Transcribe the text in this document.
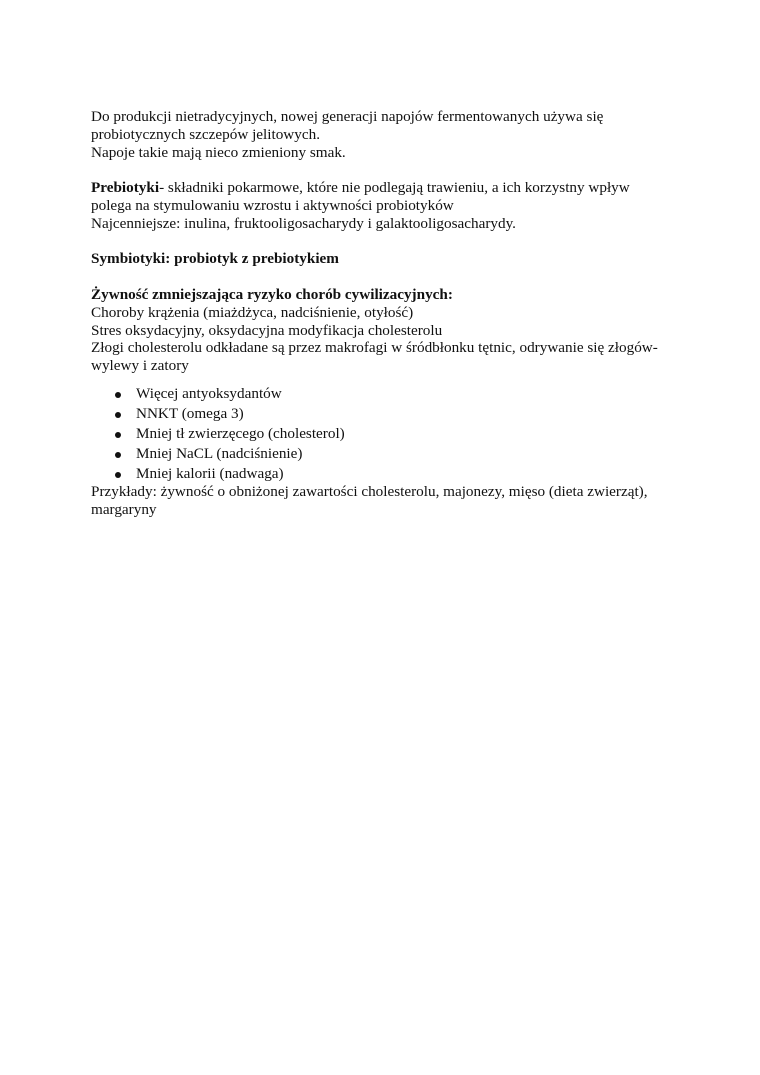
Do produkcji nietradycyjnych, nowej generacji napojów fermentowanych używa się
probiotycznych szczepów jelitowych.
Napoje takie mają nieco zmieniony smak.
Prebiotyki- składniki pokarmowe, które nie podlegają trawieniu, a ich korzystny wpływ
polega na stymulowaniu wzrostu i aktywności probiotyków
Najcenniejsze: inulina, fruktooligosacharydy i galaktooligosacharydy.
Symbiotyki: probiotyk z prebiotykiem
Żywność zmniejszająca ryzyko chorób cywilizacyjnych:
Choroby krążenia (miażdżyca, nadciśnienie, otyłość)
Stres oksydacyjny, oksydacyjna modyfikacja cholesterolu
Złogi cholesterolu odkładane są przez makrofagi w śródbłonku tętnic, odrywanie się złogów-
wylewy i zatory
Więcej antyoksydantów
NNKT (omega 3)
Mniej tł zwierzęcego (cholesterol)
Mniej NaCL (nadciśnienie)
Mniej kalorii (nadwaga)
Przykłady: żywność o obniżonej zawartości cholesterolu, majonezy, mięso (dieta zwierząt),
margaryny
